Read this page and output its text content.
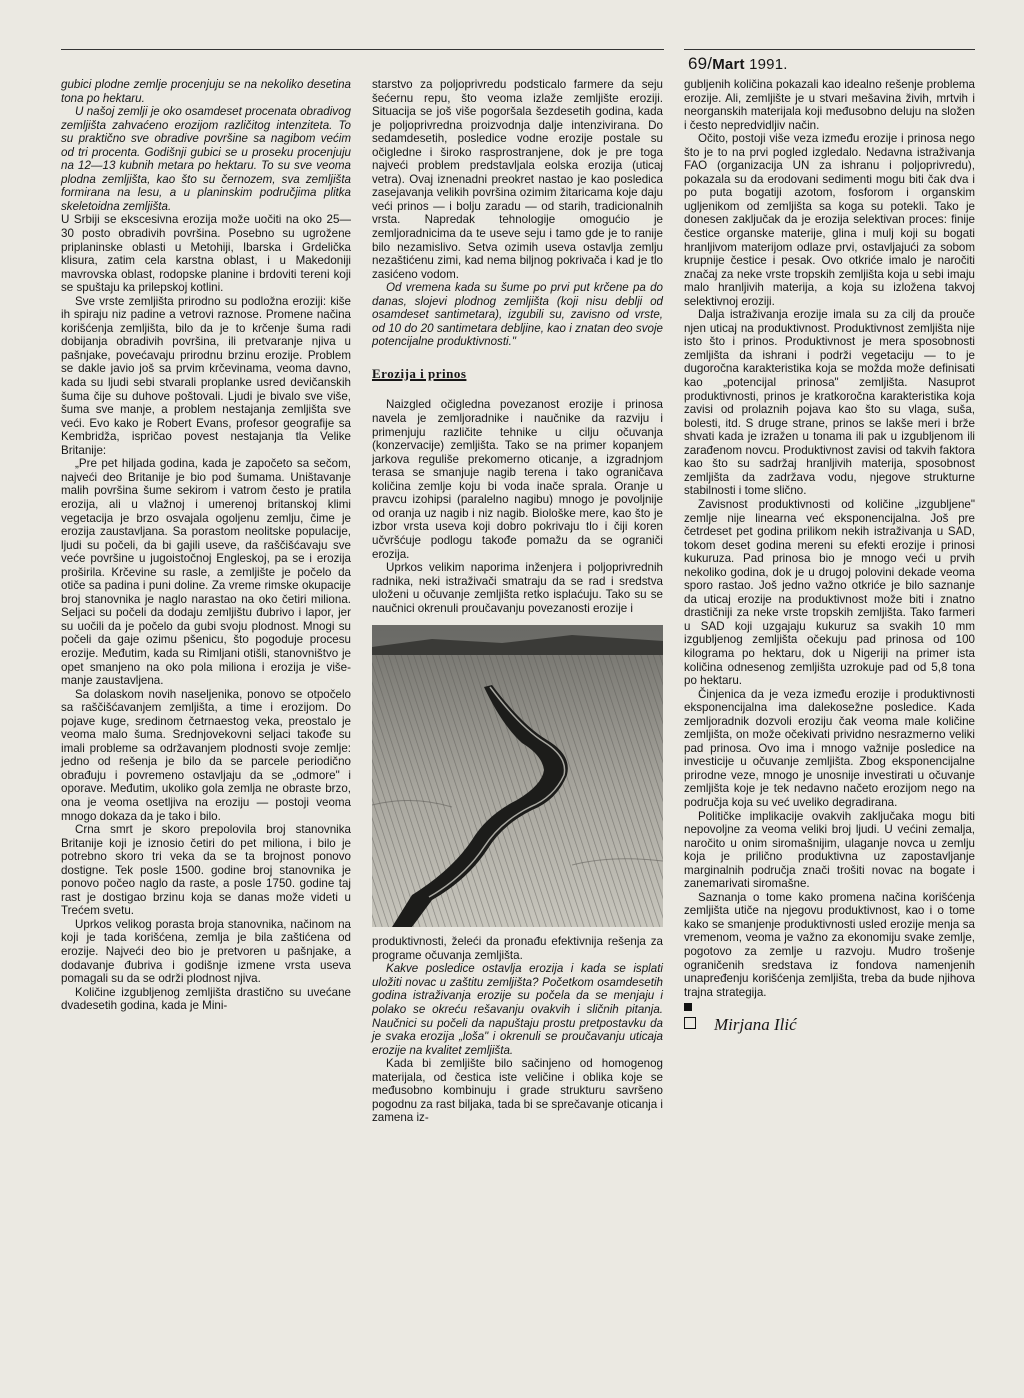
69/Mart 1991.

gubici plodne zemlje procenjuju se na nekoliko desetina tona po hektaru.

U našoj zemlji je oko osamdeset procenata obradivog zemljišta zahvaćeno erozijom različitog intenziteta. To su praktično sve obradive površine sa nagibom većim od tri procenta. Godišnji gubici se u proseku procenjuju na 12—13 kubnih metara po hektaru. To su sve veoma plodna zemljišta, kao što su černozem, sva zemljišta formirana na lesu, a u planinskim područjima plitka skeletoidna zemljišta.

U Srbiji se ekscesivna erozija može uočiti na oko 25—30 posto obradivih površina. Posebno su ugrožene priplaninske oblasti u Metohiji, Ibarska i Grdelička klisura, zatim cela karstna oblast, i u Makedoniji mavrovska oblast, rodopske planine i brdoviti tereni koji se spuštaju ka prilepskoj kotlini.

Sve vrste zemljišta prirodno su podložna eroziji: kiše ih spiraju niz padine a vetrovi raznose. Promene načina korišćenja zemljišta, bilo da je to krčenje šuma radi dobijanja obradivih površina, ili pretvaranje njiva u pašnjake, povećavaju prirodnu brzinu erozije. Problem se dakle javio još sa prvim krčevinama, veoma davno, kada su ljudi sebi stvarali proplanke usred devičanskih šuma čije su duhove poštovali. Ljudi je bivalo sve više, šuma sve manje, a problem nestajanja zemljišta sve veći. Evo kako je Robert Evans, profesor geografije sa Kembridža, ispričao povest nestajanja tla Velike Britanije:

„Pre pet hiljada godina, kada je započeto sa sečom, najveći deo Britanije je bio pod šumama. Uništavanje malih površina šume sekirom i vatrom često je pratila erozija, ali u vlažnoj i umerenoj britanskoj klimi vegetacija je brzo osvajala ogoljenu zemlju, čime je erozija zaustavljana. Sa porastom neolitske populacije, ljudi su počeli, da bi gajili useve, da raščišćavaju sve veće površine u jugoistočnoj Engleskoj, pa se i erozija proširila. Krčevine su rasle, a zemljište je počelo da otiče sa padina i puni doline. Za vreme rimske okupacije broj stanovnika je naglo narastao na oko četiri miliona. Seljaci su počeli da dodaju zemljištu đubrivo i lapor, jer su uočili da je počelo da gubi svoju plodnost. Mnogi su počeli da gaje ozimu pšenicu, što pogoduje procesu erozije. Međutim, kada su Rimljani otišli, stanovništvo je opet smanjeno na oko pola miliona i erozija je više-manje zaustavljena.

Sa dolaskom novih naseljenika, ponovo se otpočelo sa raščišćavanjem zemljišta, a time i erozijom. Do pojave kuge, sredinom četrnaestog veka, preostalo je veoma malo šuma. Srednjovekovni seljaci takođe su imali probleme sa održavanjem plodnosti svoje zemlje: jedno od rešenja je bilo da se parcele periodično obrađuju i povremeno ostavljaju da se „odmore" i oporave. Međutim, ukoliko gola zemlja ne obraste brzo, ona je veoma osetljiva na eroziju — postoji veoma mnogo dokaza da je tako i bilo.

Crna smrt je skoro prepolovila broj stanovnika Britanije koji je iznosio četiri do pet miliona, i bilo je potrebno skoro tri veka da se ta brojnost ponovo dostigne. Tek posle 1500. godine broj stanovnika je ponovo počeo naglo da raste, a posle 1750. godine taj rast je dostigao brzinu koja se danas može videti u Trećem svetu.

Uprkos velikog porasta broja stanovnika, načinom na koji je tada korišćena, zemlja je bila zaštićena od erozije. Najveći deo bio je pretvoren u pašnjake, a dodavanje đubriva i godišnje izmene vrsta useva pomagali su da se održi plodnost njiva.

Količine izgubljenog zemljišta drastično su uvećane dvadesetih godina, kada je Mini-

starstvo za poljoprivredu podsticalo farmere da seju šećernu repu, što veoma izlaže zemljište eroziji. Situacija se još više pogoršala šezdesetih godina, kada je poljoprivredna proizvodnja dalje intenzivirana. Do sedamdesetih, posledice vodne erozije postale su očigledne i široko rasprostranjene, dok je pre toga najveći problem predstavljala eolska erozija (uticaj vetra). Ovaj iznenadni preokret nastao je kao posledica zasejavanja velikih površina ozimim žitaricama koje daju veći prinos — i bolju zaradu — od starih, tradicionalnih vrsta. Napredak tehnologije omogućio je zemljoradnicima da te useve seju i tamo gde je to ranije bilo nezamislivo. Setva ozimih useva ostavlja zemlju nezaštićenu zimi, kad nema biljnog pokrivača i kad je tlo zasićeno vodom.

Od vremena kada su šume po prvi put krčene pa do danas, slojevi plodnog zemljišta (koji nisu deblji od osamdeset santimetara), izgubili su, zavisno od vrste, od 10 do 20 santimetara debljine, kao i znatan deo svoje potencijalne produktivnosti."

Erozija i prinos

Naizgled očigledna povezanost erozije i prinosa navela je zemljoradnike i naučnike da razviju i primenjuju različite tehnike u cilju očuvanja (konzervacije) zemljišta. Tako se na primer kopanjem jarkova reguliše prekomerno oticanje, a izgradnjom terasa se smanjuje nagib terena i tako ograničava količina zemlje koju bi voda inače sprala. Oranje u pravcu izohipsi (paralelno nagibu) mnogo je povoljnije od oranja uz nagib i niz nagib. Biološke mere, kao što je izbor vrsta useva koji dobro pokrivaju tlo i čiji koren učvršćuje podlogu takođe pomažu da se ograniči erozija.

Uprkos velikim naporima inženjera i poljoprivrednih radnika, neki istraživači smatraju da se rad i sredstva uloženi u očuvanje zemljišta retko isplaćuju. Tako su se naučnici okrenuli proučavanju povezanosti erozije i

produktivnosti, želeći da pronađu efektivnija rešenja za programe očuvanja zemljišta.

Kakve posledice ostavlja erozija i kada se isplati uložiti novac u zaštitu zemljišta? Početkom osamdesetih godina istraživanja erozije su počela da se menjaju i polako se okreću rešavanju ovakvih i sličnih pitanja. Naučnici su počeli da napuštaju prostu pretpostavku da je svaka erozija „loša" i okrenuli se proučavanju uticaja erozije na kvalitet zemljišta.

Kada bi zemljište bilo sačinjeno od homogenog materijala, od čestica iste veličine i oblika koje se međusobno kombinuju i grade strukturu savršeno pogodnu za rast biljaka, tada bi se sprečavanje oticanja i zamena iz-

gubljenih količina pokazali kao idealno rešenje problema erozije. Ali, zemljište je u stvari mešavina živih, mrtvih i neorganskih materijala koji međusobno deluju na složen i često nepredvidljiv način.

Očito, postoji više veza između erozije i prinosa nego što je to na prvi pogled izgledalo. Nedavna istraživanja FAO (organizacija UN za ishranu i poljoprivredu), pokazala su da erodovani sedimenti mogu biti čak dva i po puta bogatiji azotom, fosforom i organskim ugljenikom od zemljišta sa koga su potekli. Tako je donesen zaključak da je erozija selektivan proces: finije čestice organske materije, glina i mulj koji su bogati hranljivom materijom odlaze prvi, ostavljajući za sobom krupnije čestice i pesak. Ovo otkriće imalo je naročiti značaj za neke vrste tropskih zemljišta koja u sebi imaju malo hranljivih materija, a koja su izložena takvoj selektivnoj eroziji.

Dalja istraživanja erozije imala su za cilj da prouče njen uticaj na produktivnost. Produktivnost zemljišta nije isto što i prinos. Produktivnost je mera sposobnosti zemljišta da ishrani i podrži vegetaciju — to je dugoročna karakteristika koja se možda može definisati kao „potencijal prinosa" zemljišta. Nasuprot produktivnosti, prinos je kratkoročna karakteristika koja zavisi od prolaznih pojava kao što su vlaga, suša, bolesti, itd. S druge strane, prinos se lakše meri i brže shvati kada je izražen u tonama ili pak u izgubljenom ili zarađenom novcu. Produktivnost zavisi od takvih faktora kao što su sadržaj hranljivih materija, sposobnost zemljišta da zadržava vodu, njegove strukturne stabilnosti i tome slično.

Zavisnost produktivnosti od količine „izgubljene" zemlje nije linearna već eksponencijalna. Još pre četrdeset pet godina prilikom nekih istraživanja u SAD, tokom deset godina mereni su efekti erozije i prinosi kukuruza. Pad prinosa bio je mnogo veći u prvih nekoliko godina, dok je u drugoj polovini dekade veoma sporo rastao. Još jedno važno otkriće je bilo saznanje da uticaj erozije na produktivnost može biti i znatno drastičniji za neke vrste tropskih zemljišta. Tako farmeri u SAD koji uzgajaju kukuruz sa svakih 10 mm izgubljenog zemljišta očekuju pad prinosa od 100 kilograma po hektaru, dok u Nigeriji na primer ista količina odnesenog zemljišta uzrokuje pad od 5,8 tona po hektaru.

Činjenica da je veza između erozije i produktivnosti eksponencijalna ima dalekosežne posledice. Kada zemljoradnik dozvoli eroziju čak veoma male količine zemljišta, on može očekivati prividno nesrazmerno veliki pad prinosa. Ovo ima i mnogo važnije posledice na investicije u očuvanje zemljišta. Zbog eksponencijalne prirodne veze, mnogo je unosnije investirati u očuvanje zemljišta koje je tek nedavno načeto erozijom nego na područja koja su već uveliko degradirana.

Političke implikacije ovakvih zaključaka mogu biti nepovoljne za veoma veliki broj ljudi. U većini zemalja, naročito u onim siromašnijim, ulaganje novca u zemlju koja je prilično produktivna uz zapostavljanje marginalnih područja znači trošiti novac na bogate i zanemarivati siromašne.

Saznanja o tome kako promena načina korišćenja zemljišta utiče na njegovu produktivnost, kao i o tome kako se smanjenje produktivnosti usled erozije menja sa vremenom, veoma je važno za ekonomiju svake zemlje, pogotovo za zemlje u razvoju. Mudro trošenje ograničenih sredstava iz fondova namenjenih unapređenju korišćenja zemljišta, treba da bude njihova trajna strategija.

Mirjana Ilić
